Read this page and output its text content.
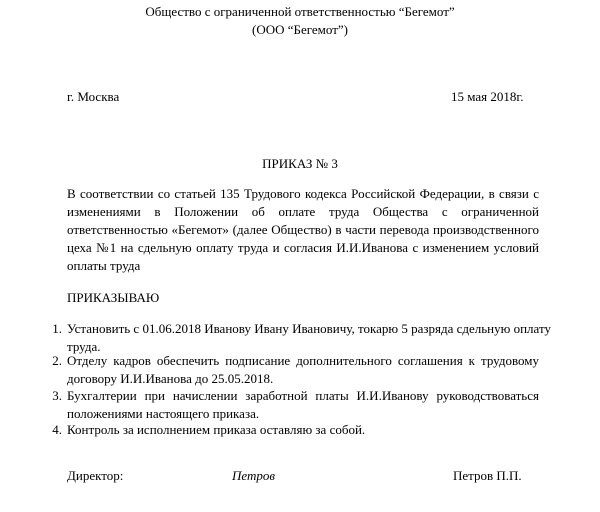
Общество с ограниченной ответственностью “Бегемот”
(ООО “Бегемот”)
г. Москва	15 мая 2018г.
ПРИКАЗ № 3
В соответствии со статьей 135 Трудового кодекса Российской Федерации, в связи с
изменениями в Положении об оплате труда Общества с ограниченной
ответственностью «Бегемот» (далее Общество) в части перевода производственного
цеха №1 на сдельную оплату труда и согласия И.И.Иванова с изменением условий
оплаты труда
ПРИКАЗЫВАЮ
1. Установить с 01.06.2018 Иванову Ивану Ивановичу, токарю 5 разряда сдельную оплату
труда.
2. Отделу кадров обеспечить подписание дополнительного соглашения к трудовому
договору И.И.Иванова до 25.05.2018.
3. Бухгалтерии при начислении заработной платы И.И.Иванову руководствоваться
положениями настоящего приказа.
4. Контроль за исполнением приказа оставляю за собой.
Директор:	Петров	Петров П.П.
